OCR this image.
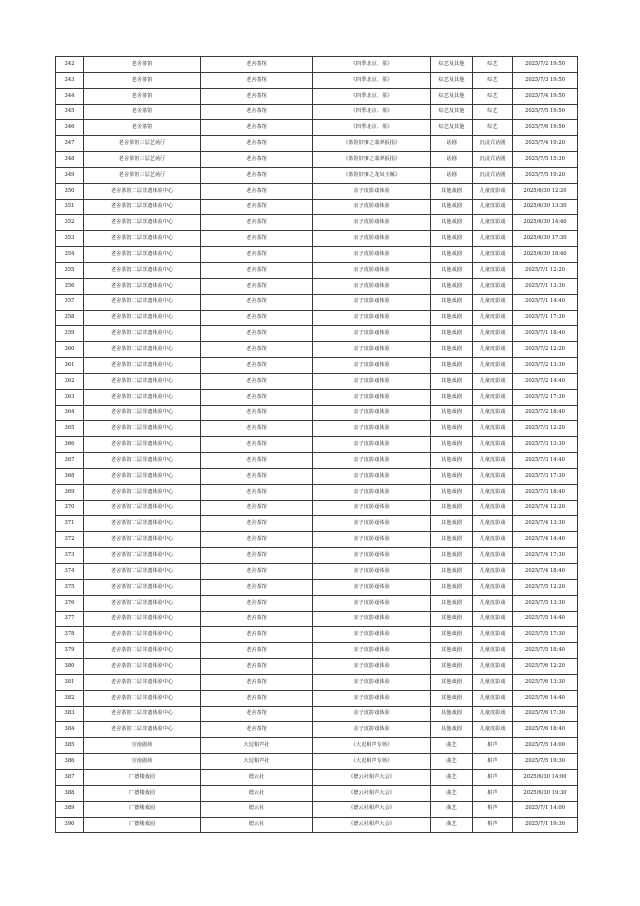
342	老舍茶馆	老舍茶馆	《四季北京．茶》	综艺及其他	综艺	2025/7/2 19:50
343	老舍茶馆	老舍茶馆	《四季北京．茶》	综艺及其他	综艺	2025/7/3 19:50
344	老舍茶馆	老舍茶馆	《四季北京．茶》	综艺及其他	综艺	2025/7/4 19:50
345	老舍茶馆	老舍茶馆	《四季北京．茶》	综艺及其他	综艺	2025/7/5 19:50
346	老舍茶馆	老舍茶馆	《四季北京．茶》	综艺及其他	综艺	2025/7/6 19:50
347	老舍茶馆三层艺苑厅	老舍茶馆	《茶馆旧事之翡翠扳指》	话剧	沉浸式话剧	2025/7/4 19:20
348	老舍茶馆三层艺苑厅	老舍茶馆	《茶馆旧事之翡翠扳指》	话剧	沉浸式话剧	2025/7/5 15:30
349	老舍茶馆三层艺苑厅	老舍茶馆	《茶馆旧事之龙凤玉佩》	话剧	沉浸式话剧	2025/7/5 19:20
350	老舍茶馆二层非遗体验中心	老舍茶馆	亲子皮影戏体验	其他戏剧	儿童皮影戏	2025/6/30 12:20
351	老舍茶馆二层非遗体验中心	老舍茶馆	亲子皮影戏体验	其他戏剧	儿童皮影戏	2025/6/30 13:30
352	老舍茶馆二层非遗体验中心	老舍茶馆	亲子皮影戏体验	其他戏剧	儿童皮影戏	2025/6/30 14:40
353	老舍茶馆二层非遗体验中心	老舍茶馆	亲子皮影戏体验	其他戏剧	儿童皮影戏	2025/6/30 17:30
354	老舍茶馆二层非遗体验中心	老舍茶馆	亲子皮影戏体验	其他戏剧	儿童皮影戏	2025/6/30 18:40
355	老舍茶馆二层非遗体验中心	老舍茶馆	亲子皮影戏体验	其他戏剧	儿童皮影戏	2025/7/1 12:20
356	老舍茶馆二层非遗体验中心	老舍茶馆	亲子皮影戏体验	其他戏剧	儿童皮影戏	2025/7/1 13:30
357	老舍茶馆二层非遗体验中心	老舍茶馆	亲子皮影戏体验	其他戏剧	儿童皮影戏	2025/7/1 14:40
358	老舍茶馆二层非遗体验中心	老舍茶馆	亲子皮影戏体验	其他戏剧	儿童皮影戏	2025/7/1 17:30
359	老舍茶馆二层非遗体验中心	老舍茶馆	亲子皮影戏体验	其他戏剧	儿童皮影戏	2025/7/1 18:40
360	老舍茶馆二层非遗体验中心	老舍茶馆	亲子皮影戏体验	其他戏剧	儿童皮影戏	2025/7/2 12:20
361	老舍茶馆二层非遗体验中心	老舍茶馆	亲子皮影戏体验	其他戏剧	儿童皮影戏	2025/7/2 13:30
362	老舍茶馆二层非遗体验中心	老舍茶馆	亲子皮影戏体验	其他戏剧	儿童皮影戏	2025/7/2 14:40
363	老舍茶馆二层非遗体验中心	老舍茶馆	亲子皮影戏体验	其他戏剧	儿童皮影戏	2025/7/2 17:30
364	老舍茶馆二层非遗体验中心	老舍茶馆	亲子皮影戏体验	其他戏剧	儿童皮影戏	2025/7/2 18:40
365	老舍茶馆二层非遗体验中心	老舍茶馆	亲子皮影戏体验	其他戏剧	儿童皮影戏	2025/7/3 12:20
366	老舍茶馆二层非遗体验中心	老舍茶馆	亲子皮影戏体验	其他戏剧	儿童皮影戏	2025/7/3 13:30
367	老舍茶馆二层非遗体验中心	老舍茶馆	亲子皮影戏体验	其他戏剧	儿童皮影戏	2025/7/3 14:40
368	老舍茶馆二层非遗体验中心	老舍茶馆	亲子皮影戏体验	其他戏剧	儿童皮影戏	2025/7/3 17:30
369	老舍茶馆二层非遗体验中心	老舍茶馆	亲子皮影戏体验	其他戏剧	儿童皮影戏	2025/7/3 18:40
370	老舍茶馆二层非遗体验中心	老舍茶馆	亲子皮影戏体验	其他戏剧	儿童皮影戏	2025/7/4 12:20
371	老舍茶馆二层非遗体验中心	老舍茶馆	亲子皮影戏体验	其他戏剧	儿童皮影戏	2025/7/4 13:30
372	老舍茶馆二层非遗体验中心	老舍茶馆	亲子皮影戏体验	其他戏剧	儿童皮影戏	2025/7/4 14:40
373	老舍茶馆二层非遗体验中心	老舍茶馆	亲子皮影戏体验	其他戏剧	儿童皮影戏	2025/7/4 17:30
374	老舍茶馆二层非遗体验中心	老舍茶馆	亲子皮影戏体验	其他戏剧	儿童皮影戏	2025/7/4 18:40
375	老舍茶馆二层非遗体验中心	老舍茶馆	亲子皮影戏体验	其他戏剧	儿童皮影戏	2025/7/5 12:20
376	老舍茶馆二层非遗体验中心	老舍茶馆	亲子皮影戏体验	其他戏剧	儿童皮影戏	2025/7/5 13:30
377	老舍茶馆二层非遗体验中心	老舍茶馆	亲子皮影戏体验	其他戏剧	儿童皮影戏	2025/7/5 14:40
378	老舍茶馆二层非遗体验中心	老舍茶馆	亲子皮影戏体验	其他戏剧	儿童皮影戏	2025/7/5 17:30
379	老舍茶馆二层非遗体验中心	老舍茶馆	亲子皮影戏体验	其他戏剧	儿童皮影戏	2025/7/5 18:40
380	老舍茶馆二层非遗体验中心	老舍茶馆	亲子皮影戏体验	其他戏剧	儿童皮影戏	2025/7/6 12:20
381	老舍茶馆二层非遗体验中心	老舍茶馆	亲子皮影戏体验	其他戏剧	儿童皮影戏	2025/7/6 13:30
382	老舍茶馆二层非遗体验中心	老舍茶馆	亲子皮影戏体验	其他戏剧	儿童皮影戏	2025/7/6 14:40
383	老舍茶馆二层非遗体验中心	老舍茶馆	亲子皮影戏体验	其他戏剧	儿童皮影戏	2025/7/6 17:30
384	老舍茶馆二层非遗体验中心	老舍茶馆	亲子皮影戏体验	其他戏剧	儿童皮影戏	2025/7/6 18:40
385	宣南剧场	大逗相声社	《大逗相声专场》	曲艺	相声	2025/7/5 14:00
386	宣南剧场	大逗相声社	《大逗相声专场》	曲艺	相声	2025/7/5 19:30
387	广德楼戏园	德云社	《德云社相声大会》	曲艺	相声	2025/6/30 14:00
388	广德楼戏园	德云社	《德云社相声大会》	曲艺	相声	2025/6/30 19:30
389	广德楼戏园	德云社	《德云社相声大会》	曲艺	相声	2025/7/1 14:00
390	广德楼戏园	德云社	《德云社相声大会》	曲艺	相声	2025/7/1 19:30
